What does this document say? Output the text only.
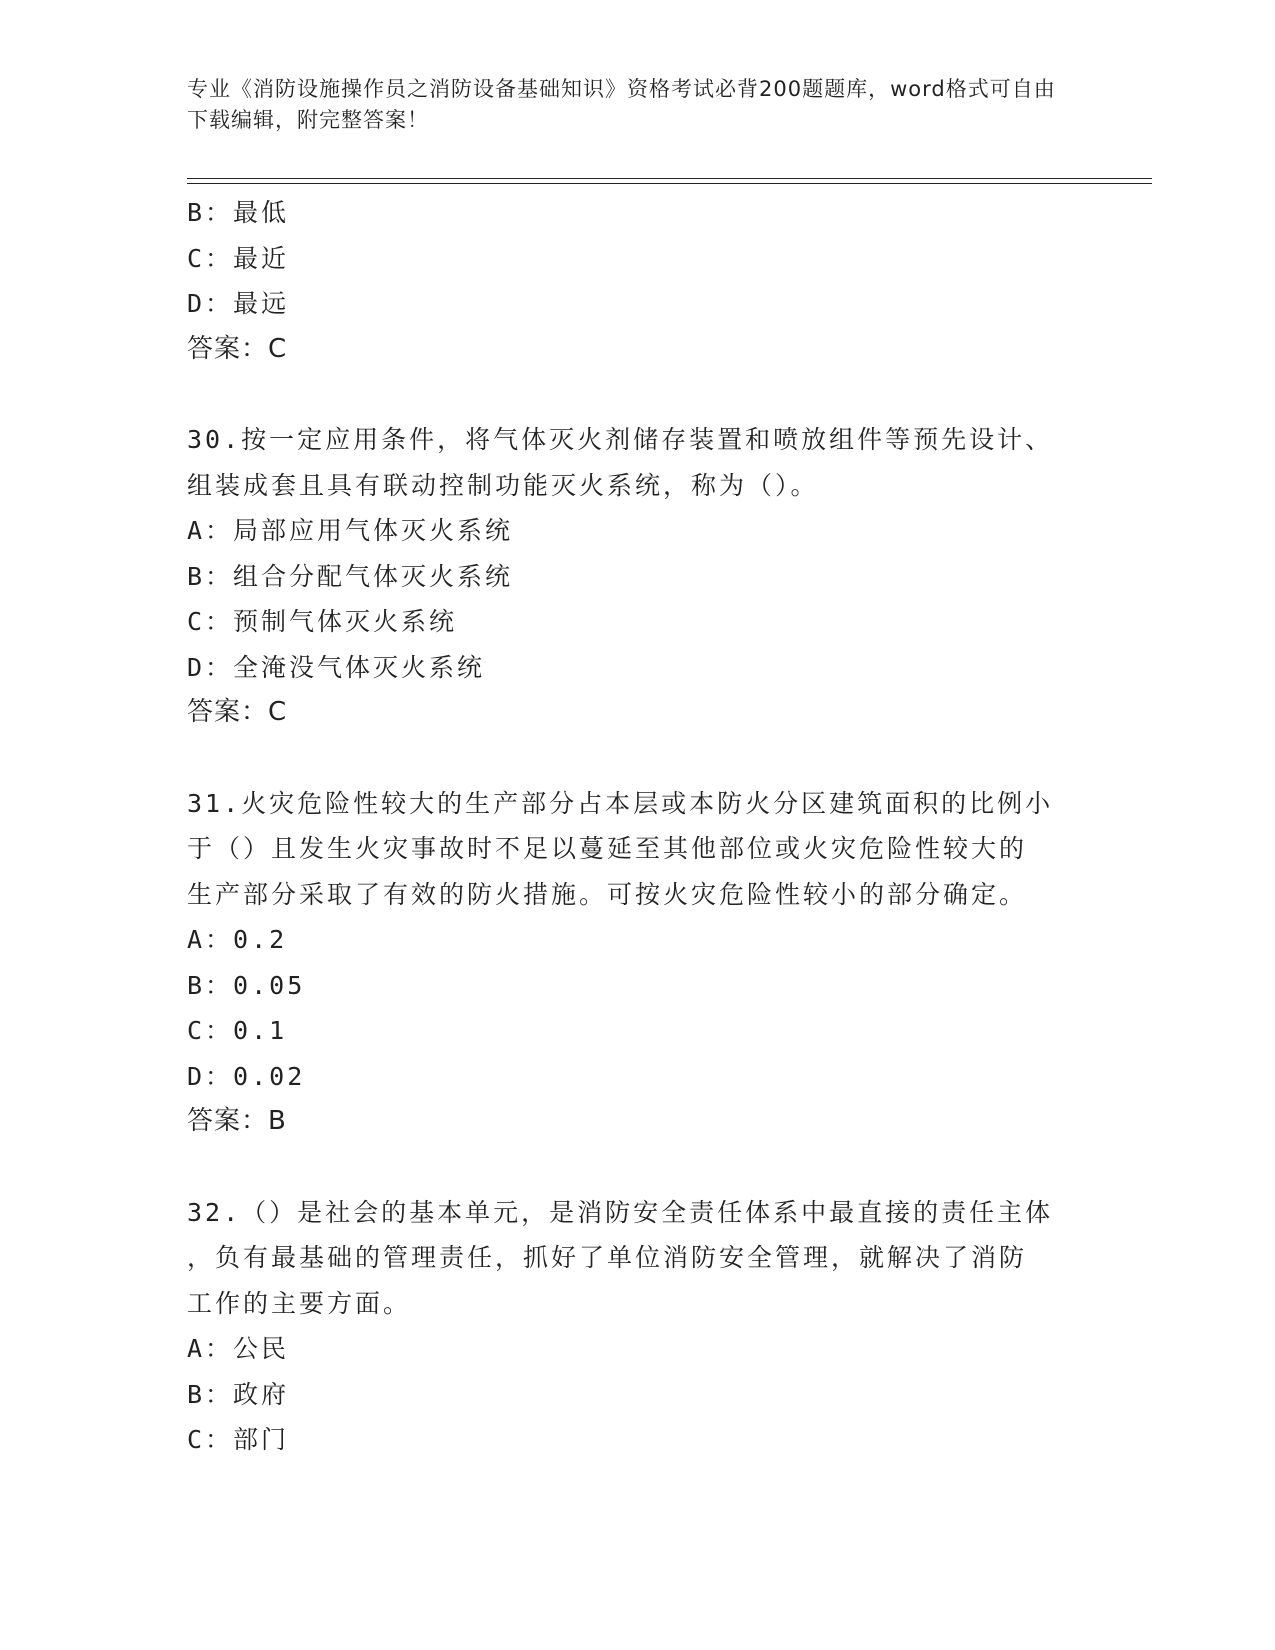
专业《消防设施操作员之消防设备基础知识》资格考试必背200题题库，word格式可自由下载编辑，附完整答案！
B：最低
C：最近
D：最远
答案：C
30.按一定应用条件，将气体灭火剂储存装置和喷放组件等预先设计、
组装成套且具有联动控制功能灭火系统，称为（）。
A：局部应用气体灭火系统
B：组合分配气体灭火系统
C：预制气体灭火系统
D：全淹没气体灭火系统
答案：C
31.火灾危险性较大的生产部分占本层或本防火分区建筑面积的比例小
于（）且发生火灾事故时不足以蔓延至其他部位或火灾危险性较大的
生产部分采取了有效的防火措施。可按火灾危险性较小的部分确定。
A：0.2
B：0.05
C：0.1
D：0.02
答案：B
32.（）是社会的基本单元，是消防安全责任体系中最直接的责任主体
，负有最基础的管理责任，抓好了单位消防安全管理，就解决了消防
工作的主要方面。
A：公民
B：政府
C：部门
